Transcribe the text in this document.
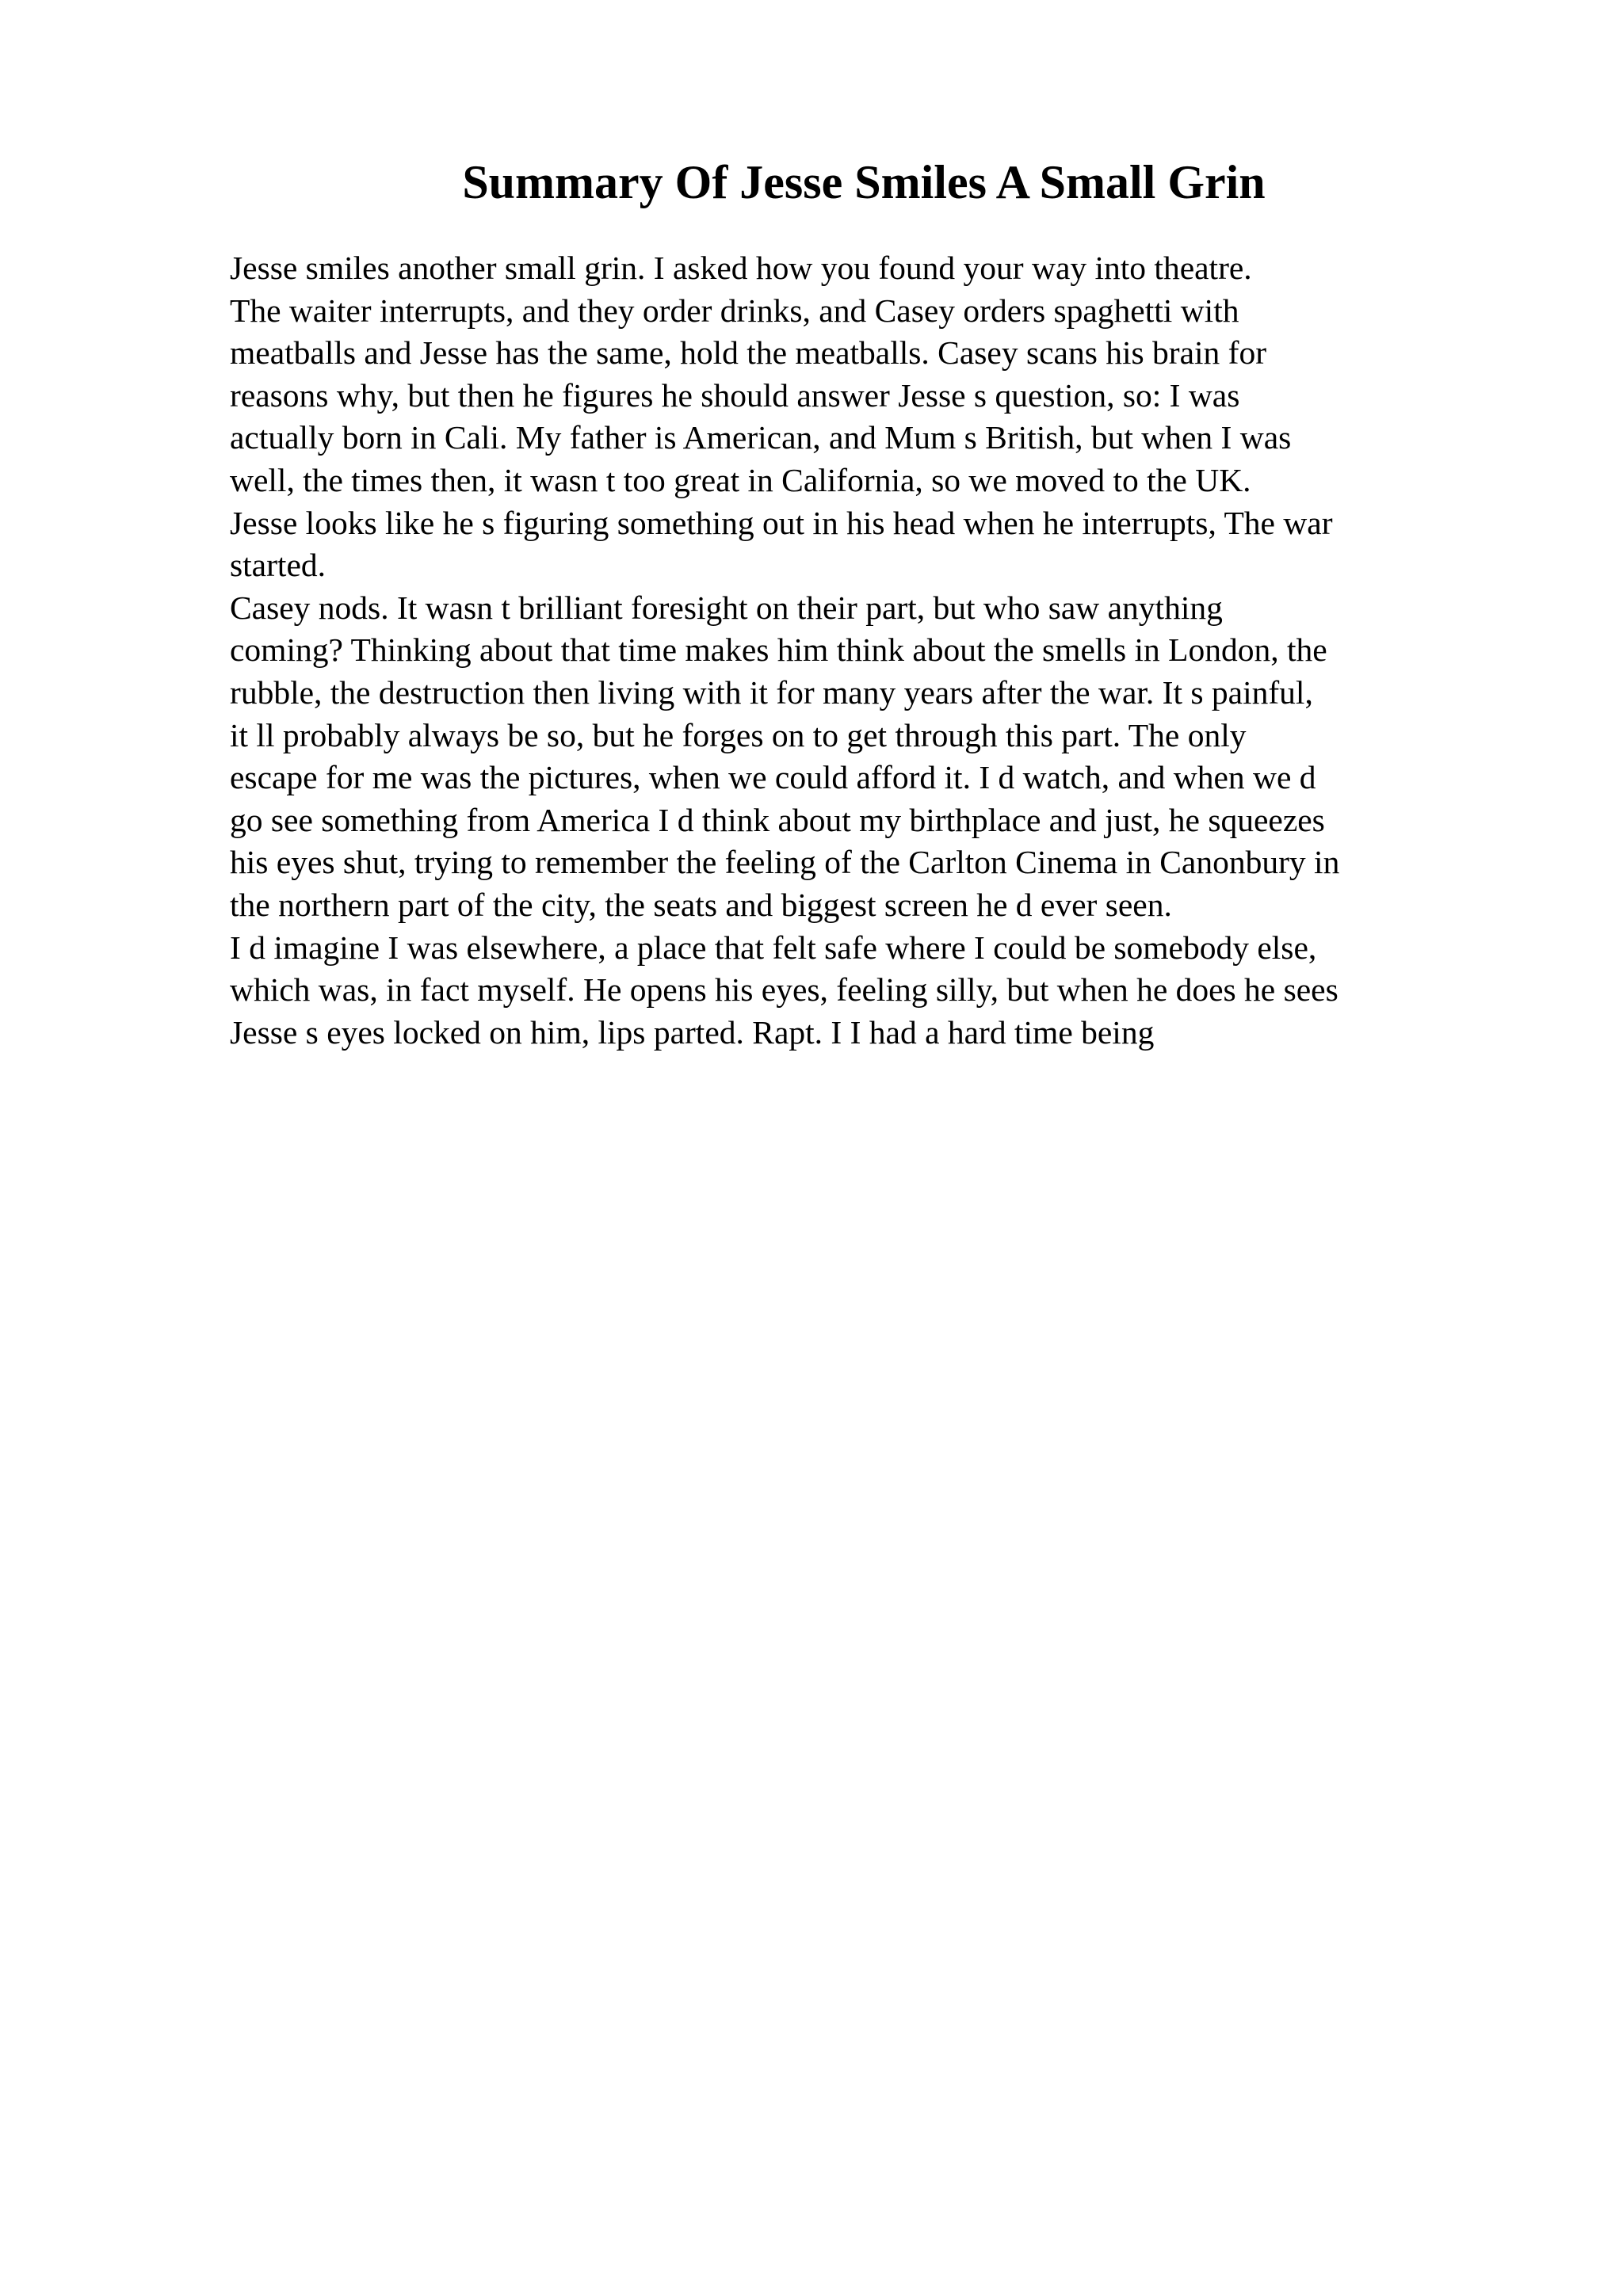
Summary Of Jesse Smiles A Small Grin

Jesse smiles another small grin. I asked how you found your way into theatre.

The waiter interrupts, and they order drinks, and Casey orders spaghetti with
meatballs and Jesse has the same, hold the meatballs. Casey scans his brain for
reasons why, but then he figures he should answer Jesse s question, so: I was
actually born in Cali. My father is American, and Mum s British, but when I was
well, the times then, it wasn t too great in California, so we moved to the UK.
Jesse looks like he s figuring something out in his head when he interrupts, The war
started.

Casey nods. It wasn t brilliant foresight on their part, but who saw anything
coming? Thinking about that time makes him think about the smells in London, the
rubble, the destruction then living with it for many years after the war. It s painful,
it ll probably always be so, but he forges on to get through this part. The only
escape for me was the pictures, when we could afford it. I d watch, and when we d
go see something from America I d think about my birthplace and just, he squeezes
his eyes shut, trying to remember the feeling of the Carlton Cinema in Canonbury in
the northern part of the city, the seats and biggest screen he d ever seen.

I d imagine I was elsewhere, a place that felt safe where I could be somebody else,
which was, in fact myself. He opens his eyes, feeling silly, but when he does he sees
Jesse s eyes locked on him, lips parted. Rapt. I I had a hard time being
